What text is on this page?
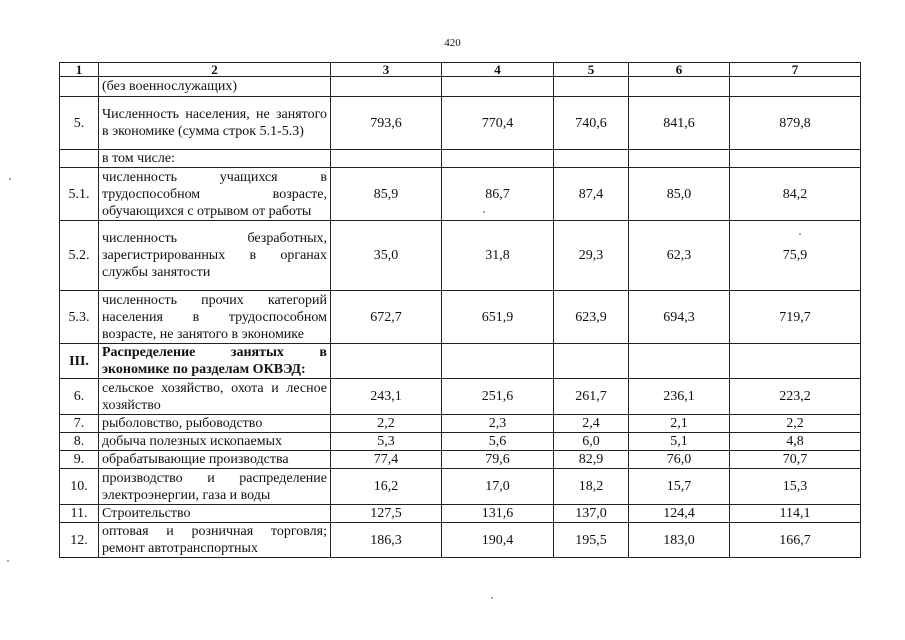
420
1	2	3	4	5	6	7
	(без военнослужащих)					
5.	Численность населения, не занятого в экономике (сумма строк 5.1-5.3)	793,6	770,4	740,6	841,6	879,8
	в том числе:					
5.1.	численность учащихся в трудоспособном возрасте, обучающихся с отрывом от работы	85,9	86,7	87,4	85,0	84,2
5.2.	численность безработных, зарегистрированных в органах службы занятости	35,0	31,8	29,3	62,3	75,9
5.3.	численность прочих категорий населения в трудоспособном возрасте, не занятого в экономике	672,7	651,9	623,9	694,3	719,7
III.	Распределение занятых в экономике по разделам ОКВЭД:					
6.	сельское хозяйство, охота и лесное хозяйство	243,1	251,6	261,7	236,1	223,2
7.	рыболовство, рыбоводство	2,2	2,3	2,4	2,1	2,2
8.	добыча полезных ископаемых	5,3	5,6	6,0	5,1	4,8
9.	обрабатывающие производства	77,4	79,6	82,9	76,0	70,7
10.	производство и распределение электроэнергии, газа и воды	16,2	17,0	18,2	15,7	15,3
11.	Строительство	127,5	131,6	137,0	124,4	114,1
12.	оптовая и розничная торговля; ремонт автотранспортных	186,3	190,4	195,5	183,0	166,7
